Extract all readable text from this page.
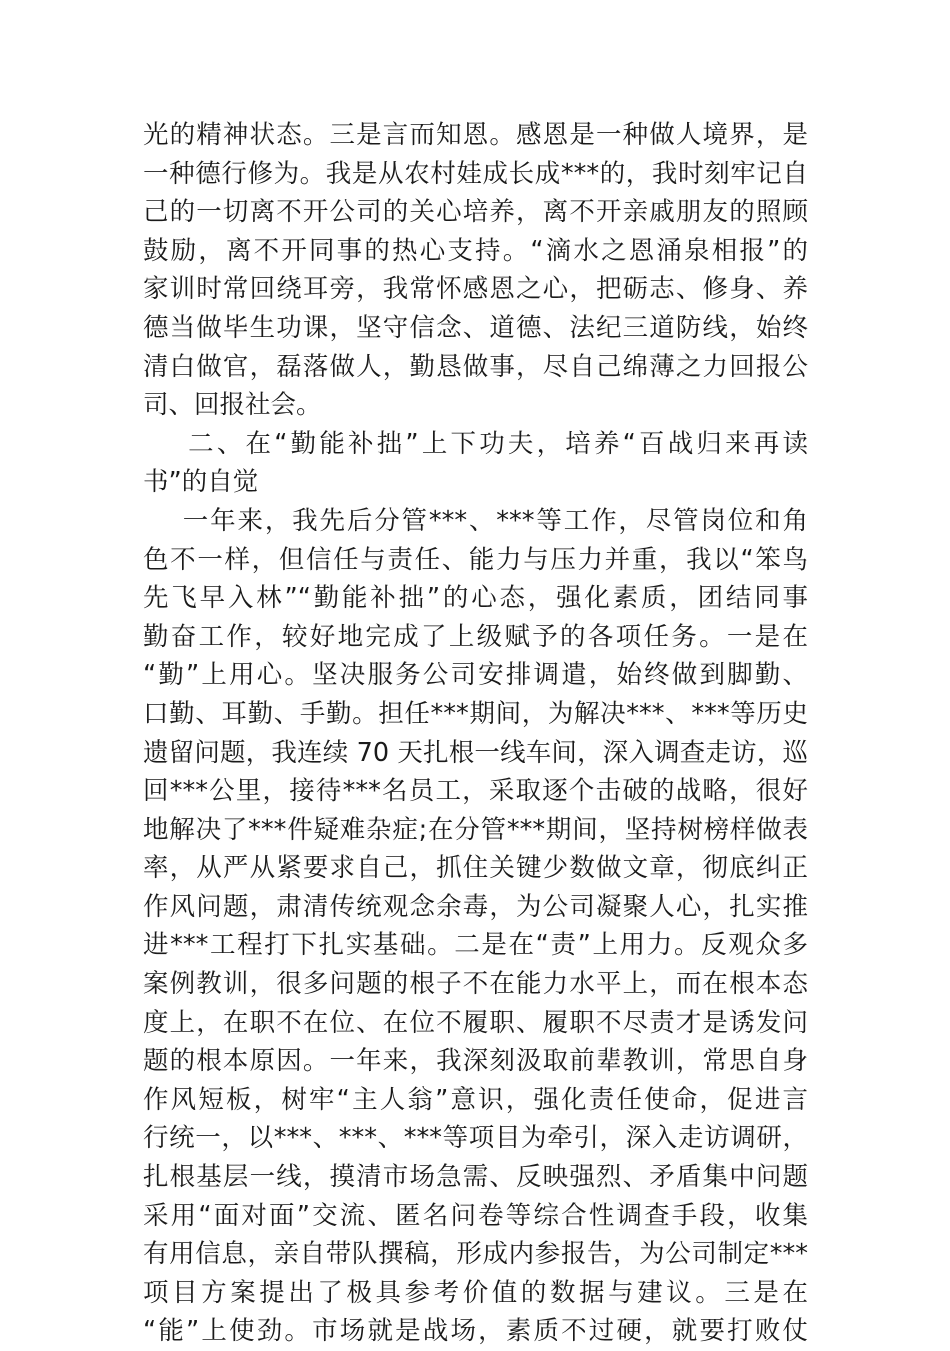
光的精神状态。三是言而知恩。感恩是一种做人境界，是
一种德行修为。我是从农村娃成长成***的，我时刻牢记自
己的一切离不开公司的关心培养，离不开亲戚朋友的照顾
鼓励，离不开同事的热心支持。“滴水之恩涌泉相报”的
家训时常回绕耳旁，我常怀感恩之心，把砺志、修身、养
德当做毕生功课，坚守信念、道德、法纪三道防线，始终
清白做官，磊落做人，勤恳做事，尽自己绵薄之力回报公
司、回报社会。
二、在“勤能补拙”上下功夫，培养“百战归来再读
书”的自觉
一年来，我先后分管***、***等工作，尽管岗位和角
色不一样，但信任与责任、能力与压力并重，我以“笨鸟
先飞早入林”“勤能补拙”的心态，强化素质，团结同事
勤奋工作，较好地完成了上级赋予的各项任务。一是在
“勤”上用心。坚决服务公司安排调遣，始终做到脚勤、
口勤、耳勤、手勤。担任***期间，为解决***、***等历史
遗留问题，我连续 70 天扎根一线车间，深入调查走访，巡
回***公里，接待***名员工，采取逐个击破的战略，很好
地解决了***件疑难杂症;在分管***期间，坚持树榜样做表
率，从严从紧要求自己，抓住关键少数做文章，彻底纠正
作风问题，肃清传统观念余毒，为公司凝聚人心，扎实推
进***工程打下扎实基础。二是在“责”上用力。反观众多
案例教训，很多问题的根子不在能力水平上，而在根本态
度上，在职不在位、在位不履职、履职不尽责才是诱发问
题的根本原因。一年来，我深刻汲取前辈教训，常思自身
作风短板，树牢“主人翁”意识，强化责任使命，促进言
行统一，以***、***、***等项目为牵引，深入走访调研，
扎根基层一线，摸清市场急需、反映强烈、矛盾集中问题
采用“面对面”交流、匿名问卷等综合性调查手段，收集
有用信息，亲自带队撰稿，形成内参报告，为公司制定***
项目方案提出了极具参考价值的数据与建议。三是在
“能”上使劲。市场就是战场，素质不过硬，就要打败仗
